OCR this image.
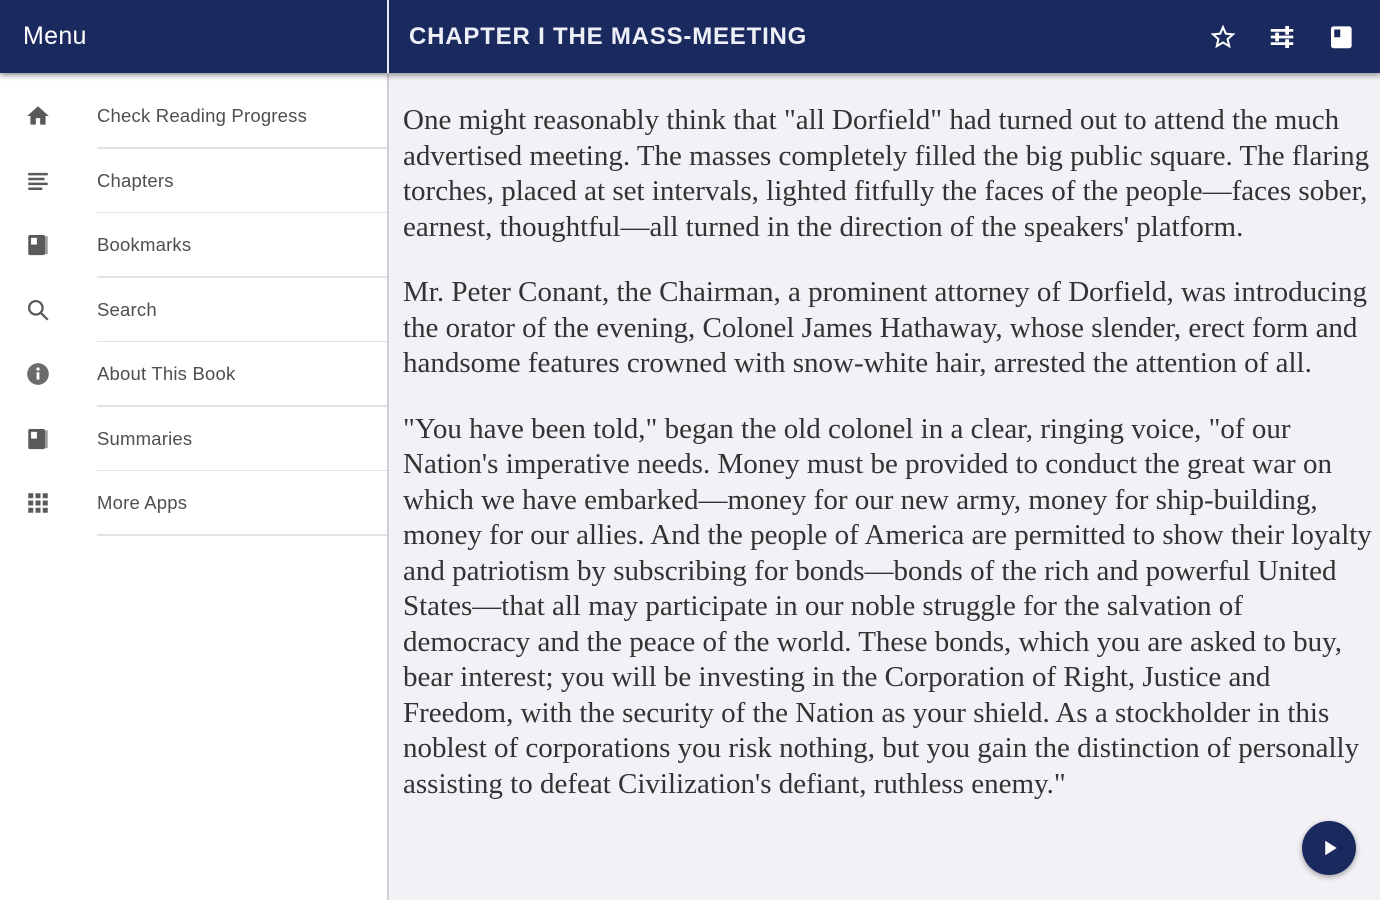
Menu	CHAPTER I THE MASS-MEETING
Check Reading Progress
Chapters
Bookmarks
Search
About This Book
Summaries
More Apps

One might reasonably think that "all Dorfield" had turned out to attend the much advertised meeting. The masses completely filled the big public square. The flaring torches, placed at set intervals, lighted fitfully the faces of the people—faces sober, earnest, thoughtful—all turned in the direction of the speakers' platform.

Mr. Peter Conant, the Chairman, a prominent attorney of Dorfield, was introducing the orator of the evening, Colonel James Hathaway, whose slender, erect form and handsome features crowned with snow-white hair, arrested the attention of all.

"You have been told," began the old colonel in a clear, ringing voice, "of our Nation's imperative needs. Money must be provided to conduct the great war on which we have embarked—money for our new army, money for ship-building, money for our allies. And the people of America are permitted to show their loyalty and patriotism by subscribing for bonds—bonds of the rich and powerful United States—that all may participate in our noble struggle for the salvation of democracy and the peace of the world. These bonds, which you are asked to buy, bear interest; you will be investing in the Corporation of Right, Justice and Freedom, with the security of the Nation as your shield. As a stockholder in this noblest of corporations you risk nothing, but you gain the distinction of personally assisting to defeat Civilization's defiant, ruthless enemy."
